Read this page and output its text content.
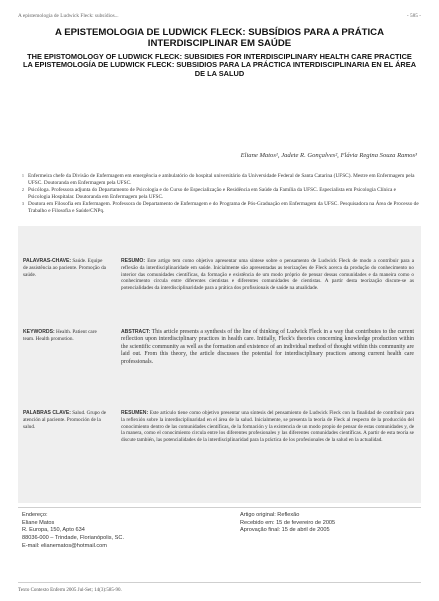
A epistemologia de Ludwick Fleck: subsídios...	- 585 -
A EPISTEMOLOGIA DE LUDWICK FLECK: SUBSÍDIOS PARA A PRÁTICA INTERDISCIPLINAR EM SAÚDE
THE EPISTOMOLOGY OF LUDWICK FLECK: SUBSIDIES FOR INTERDISCIPLINARY HEALTH CARE PRACTICE
LA EPISTEMOLOGÍA DE LUDWICK FLECK: SUBSIDIOS PARA LA PRÁCTICA INTERDISCIPLINARIA EN EL ÁREA DE LA SALUD
Eliane Matos¹, Jadete R. Gonçalves², Flávia Regina Souza Ramos³
1 Enfermeira chefe da Divisão de Enfermagem em emergência e ambulatório do hospital universitário da Universidade Federal de Santa Catarina (UFSC). Mestre em Enfermagem pela UFSC. Doutoranda em Enfermagem pela UFSC.
2 Psicóloga. Professora adjunta do Departamento de Psicologia e do Curso de Especialização e Residência em Saúde da Família da UFSC. Especialista em Psicologia Clínica e Psicologia Hospitalar. Doutoranda em Enfermagem pela UFSC.
3 Doutora em Filosofia em Enfermagem. Professora do Departamento de Enfermagem e do Programa de Pós-Graduação em Enfermagem da UFSC. Pesquisadora na Área de Processo de Trabalho e Filosofia e Saúde/CNPq.
PALAVRAS-CHAVE: Saúde. Equipe de assistência ao paciente. Promoção da saúde.
RESUMO: Este artigo tem como objetivo apresentar uma síntese sobre o pensamento de Ludwick Fleck de modo a contribuir para a reflexão da interdisciplinaridade em saúde. Inicialmente são apresentadas as teorizações de Fleck acerca da produção do conhecimento no interior das comunidades científicas, da formação e existência de um modo próprio de pensar dessas comunidades e da maneira como o conhecimento circula entre diferentes cientistas e diferentes comunidades de cientistas. A partir desta teorização discute-se as potencialidades da interdisciplinaridade para a prática dos profissionais de saúde na atualidade.
KEYWORDS: Health. Patient care team. Health promotion.
ABSTRACT: This article presents a synthesis of the line of thinking of Ludwick Fleck in a way that contributes to the current reflection upon interdisciplinary practices in health care. Initially, Fleck's theories concerning knowledge production within the scientific community as well as the formation and existence of an individual method of thought within this community are laid out. From this theory, the article discusses the potential for interdisciplinary practices among current health care professionals.
PALABRAS CLAVE: Salud. Grupo de atención al paciente. Promoción de la salud.
RESUMEN: Este artículo tiene como objetivo presentar una síntesis del pensamiento de Ludwick Fleck con la finalidad de contribuir para la reflexión sobre la interdisciplinaridad en el área de la salud. Inicialmente, se presenta la teoría de Fleck al respecto de la producción del conocimiento dentro de las comunidades científicas, de la formación y la existencia de un modo propio de pensar de estas comunidades y, de la manera, como el conocimiento circula entre los diferentes profesionales y las diferentes comunidades científicas. A partir de esta teoría se discute también, las potencialidades de la interdisciplinaridad para la práctica de los profesionales de la salud en la actualidad.
Endereço:
Eliane Matos
R. Europa, 150, Apto 634
88036-000 – Trindade, Florianópolis, SC.
E-mail: elianematos@hotmail.com
Artigo original: Reflexão
Recebido em: 15 de fevereiro de 2005
Aprovação final: 15 de abril de 2005
Texto Contexto Enferm 2005 Jul-Set; 14(3):585-90.
